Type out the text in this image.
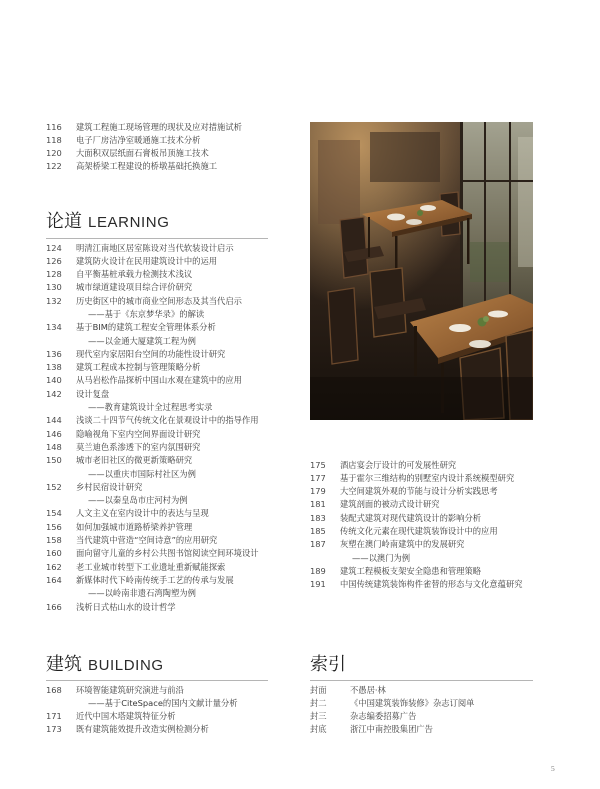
116	建筑工程施工现场管理的现状及应对措施试析
118	电子厂房洁净室暖通施工技术分析
120	大面积双层纸面石膏板吊顶施工技术
122	高架桥梁工程建设的桥墩基础托换施工
论道 LEARNING
124	明清江南地区居室陈设对当代软装设计启示
126	建筑防火设计在民用建筑设计中的运用
128	自平衡基桩承载力检测技术浅议
130	城市绿道建设项目综合评价研究
132	历史街区中的城市商业空间形态及其当代启示
——基于《东京梦华录》的解读
134	基于BIM的建筑工程安全管理体系分析
——以金通大厦建筑工程为例
136	现代室内家居阳台空间的功能性设计研究
138	建筑工程成本控制与管理策略分析
140	从马岩松作品探析中国山水观在建筑中的应用
142	设计复盘
——教育建筑设计全过程思考实录
144	浅谈二十四节气传统文化在景观设计中的指导作用
146	隐喻视角下室内空间界面设计研究
148	莫兰迪色系渗透下的室内氛围研究
150	城市老旧社区的微更新策略研究
——以重庆市国际村社区为例
152	乡村民宿设计研究
——以秦皇岛市庄河村为例
154	人文主义在室内设计中的表达与呈现
156	如何加强城市道路桥梁养护管理
158	当代建筑中营造“空间诗意”的应用研究
160	面向留守儿童的乡村公共图书馆阅读空间环境设计
162	老工业城市转型下工业遗址重新赋能探索
164	新媒体时代下岭南传统手工艺的传承与发展
——以岭南非遗石湾陶塑为例
166	浅析日式枯山水的设计哲学
175	酒店宴会厅设计的可发展性研究
177	基于霍尔三维结构的别墅室内设计系统模型研究
179	大空间建筑外观的节能与设计分析实践思考
181	建筑剖面的被动式设计研究
183	装配式建筑对现代建筑设计的影响分析
185	传统文化元素在现代建筑装饰设计中的应用
187	灰塑在澳门岭南建筑中的发展研究
——以澳门为例
189	建筑工程模板支架安全隐患和管理策略
191	中国传统建筑装饰构件雀替的形态与文化意蕴研究
建筑 BUILDING
168	环境智能建筑研究演进与前沿
——基于CiteSpace的国内文献计量分析
171	近代中国木塔建筑特征分析
173	既有建筑能效提升改造实例检测分析
索引
封面	不愚居·林
封二	《中国建筑装饰装修》杂志订阅单
封三	杂志编委招募广告
封底	浙江中南控股集团广告
5
